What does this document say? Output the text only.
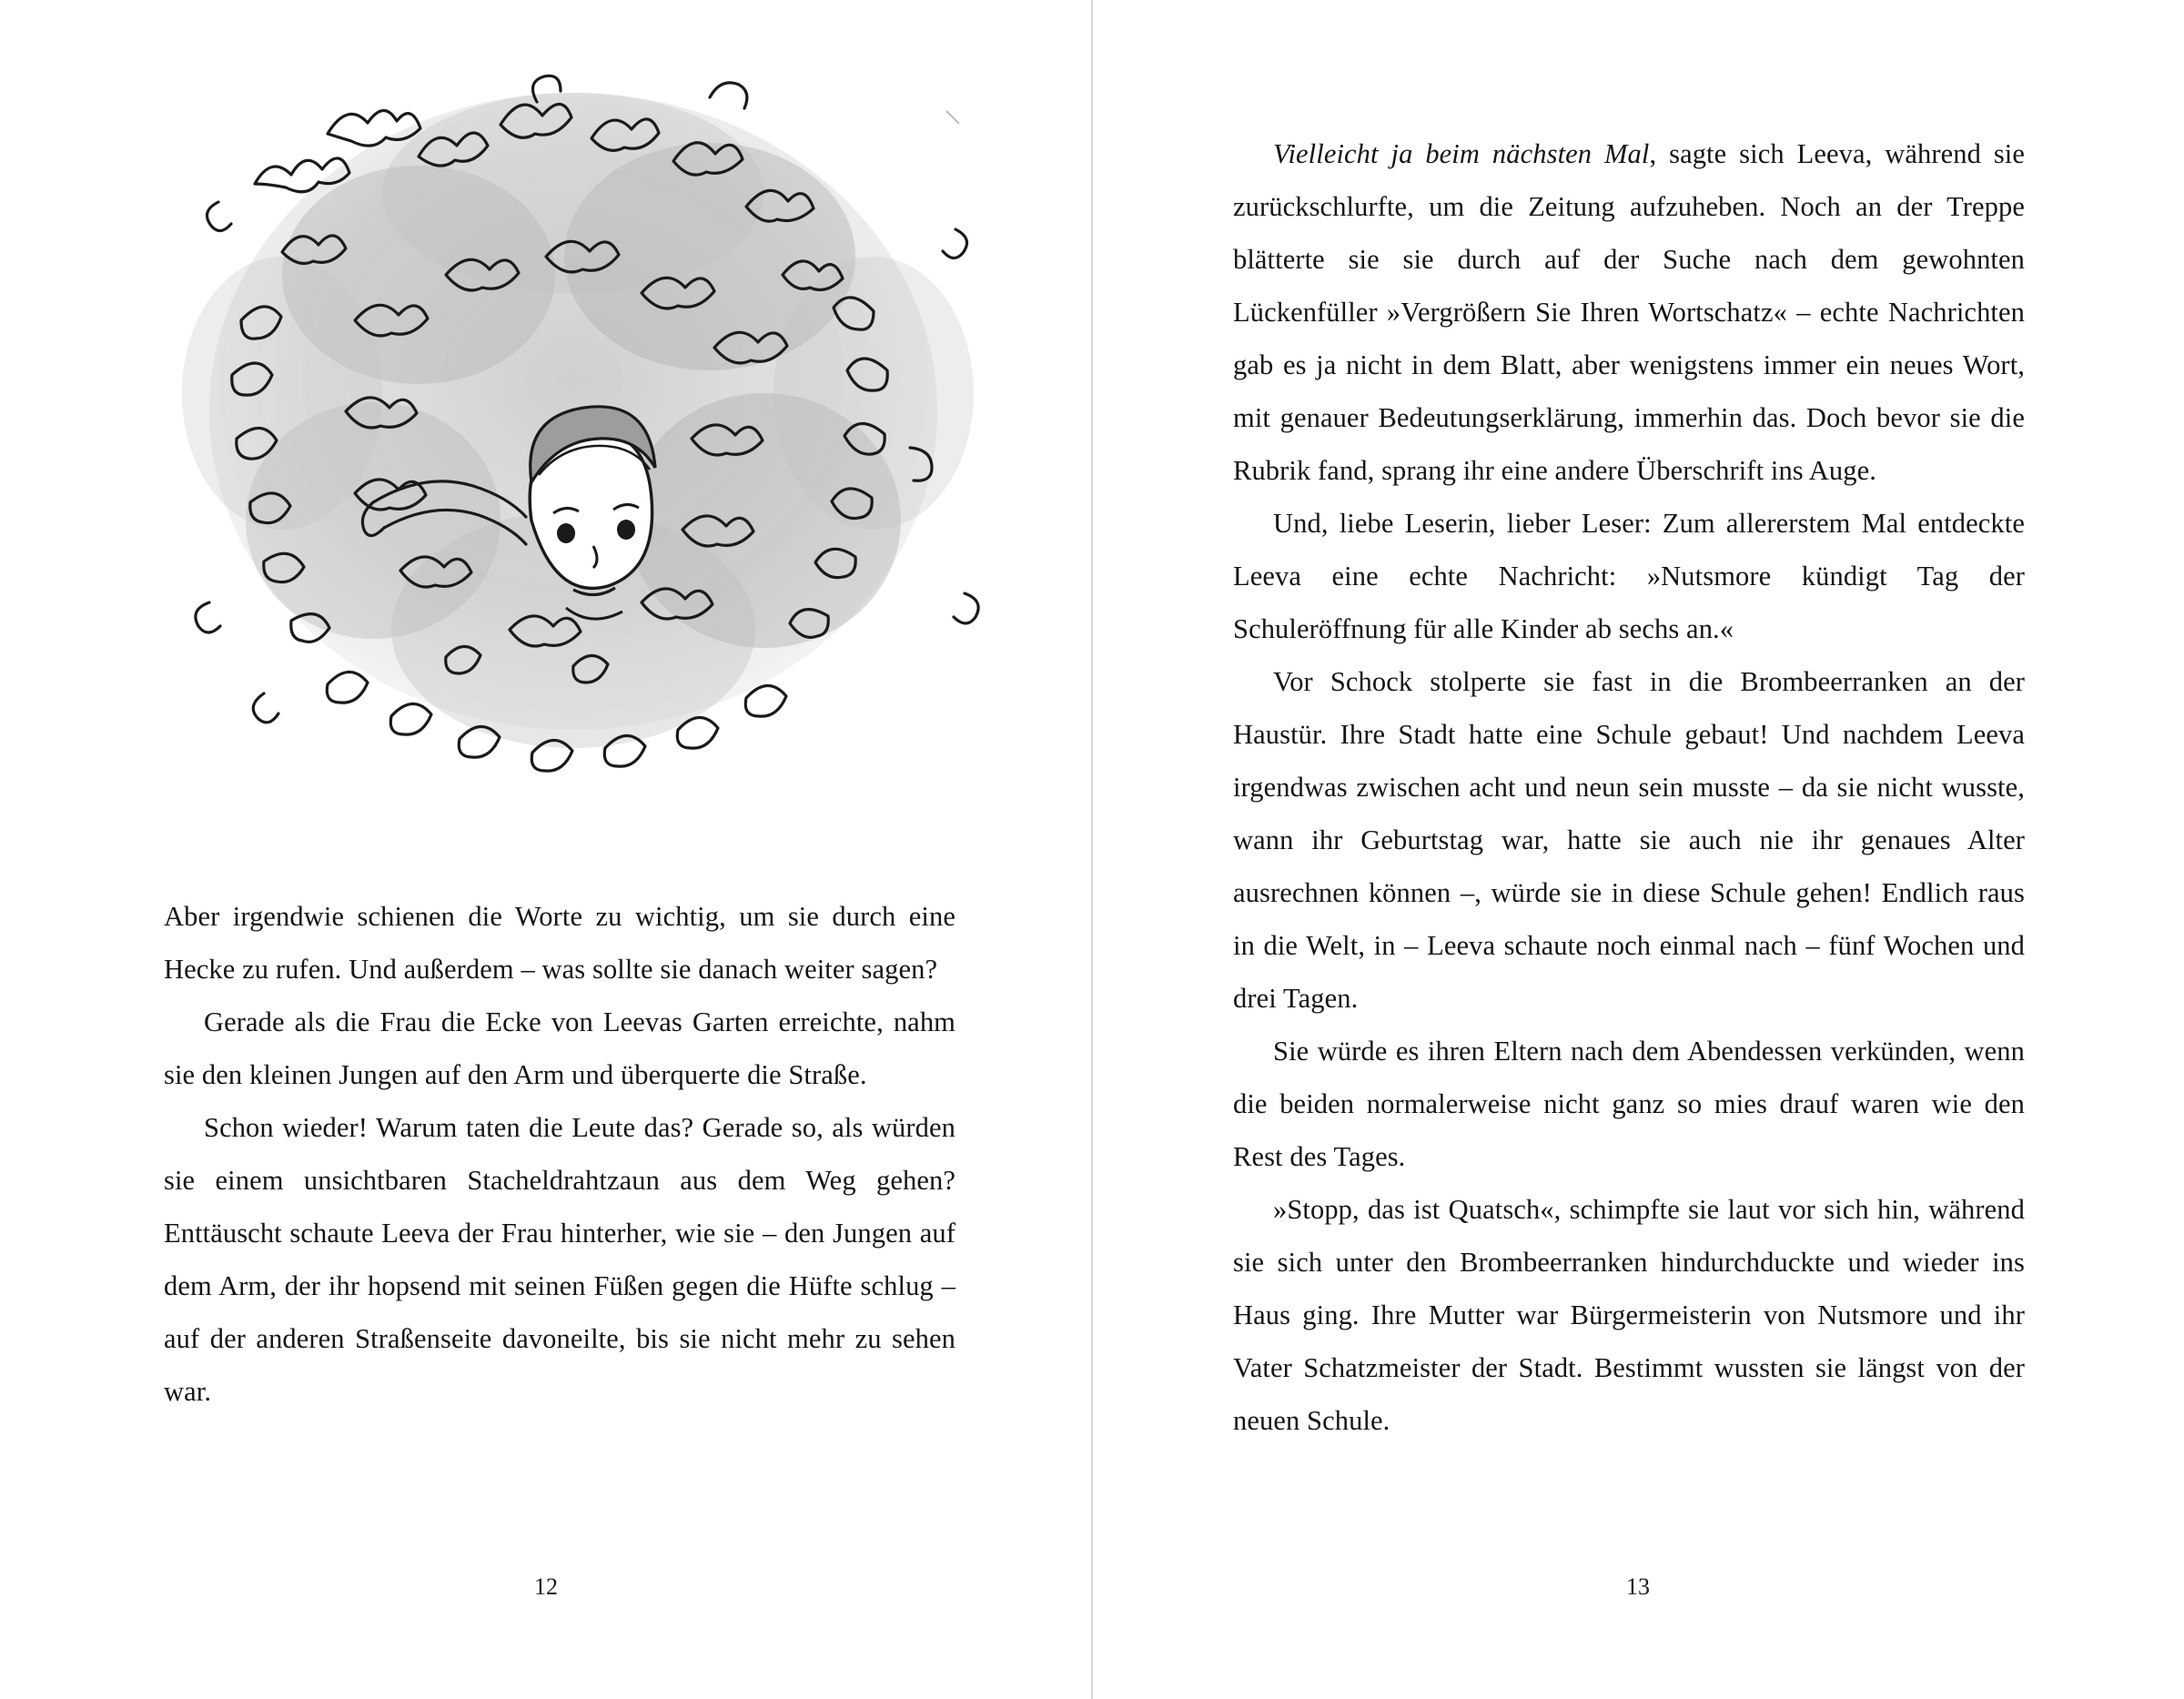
Aber irgendwie schienen die Worte zu wichtig, um sie durch eine Hecke zu rufen. Und außerdem – was sollte sie danach weiter sagen?

Gerade als die Frau die Ecke von Leevas Garten erreichte, nahm sie den kleinen Jungen auf den Arm und überquerte die Straße.

Schon wieder! Warum taten die Leute das? Gerade so, als würden sie einem unsichtbaren Stacheldrahtzaun aus dem Weg gehen? Enttäuscht schaute Leeva der Frau hinterher, wie sie – den Jungen auf dem Arm, der ihr hopsend mit seinen Füßen gegen die Hüfte schlug – auf der anderen Straßenseite davoneilte, bis sie nicht mehr zu sehen war.

12

Vielleicht ja beim nächsten Mal, sagte sich Leeva, während sie zurückschlurfte, um die Zeitung aufzuheben. Noch an der Treppe blätterte sie sie durch auf der Suche nach dem gewohnten Lückenfüller »Vergrößern Sie Ihren Wortschatz« – echte Nachrichten gab es ja nicht in dem Blatt, aber wenigstens immer ein neues Wort, mit genauer Bedeutungserklärung, immerhin das. Doch bevor sie die Rubrik fand, sprang ihr eine andere Überschrift ins Auge.

Und, liebe Leserin, lieber Leser: Zum allererstem Mal entdeckte Leeva eine echte Nachricht: »Nutsmore kündigt Tag der Schuleröffnung für alle Kinder ab sechs an.«

Vor Schock stolperte sie fast in die Brombeerranken an der Haustür. Ihre Stadt hatte eine Schule gebaut! Und nachdem Leeva irgendwas zwischen acht und neun sein musste – da sie nicht wusste, wann ihr Geburtstag war, hatte sie auch nie ihr genaues Alter ausrechnen können –, würde sie in diese Schule gehen! Endlich raus in die Welt, in – Leeva schaute noch einmal nach – fünf Wochen und drei Tagen.

Sie würde es ihren Eltern nach dem Abendessen verkünden, wenn die beiden normalerweise nicht ganz so mies drauf waren wie den Rest des Tages.

»Stopp, das ist Quatsch«, schimpfte sie laut vor sich hin, während sie sich unter den Brombeerranken hindurchduckte und wieder ins Haus ging. Ihre Mutter war Bürgermeisterin von Nutsmore und ihr Vater Schatzmeister der Stadt. Bestimmt wussten sie längst von der neuen Schule.

13
